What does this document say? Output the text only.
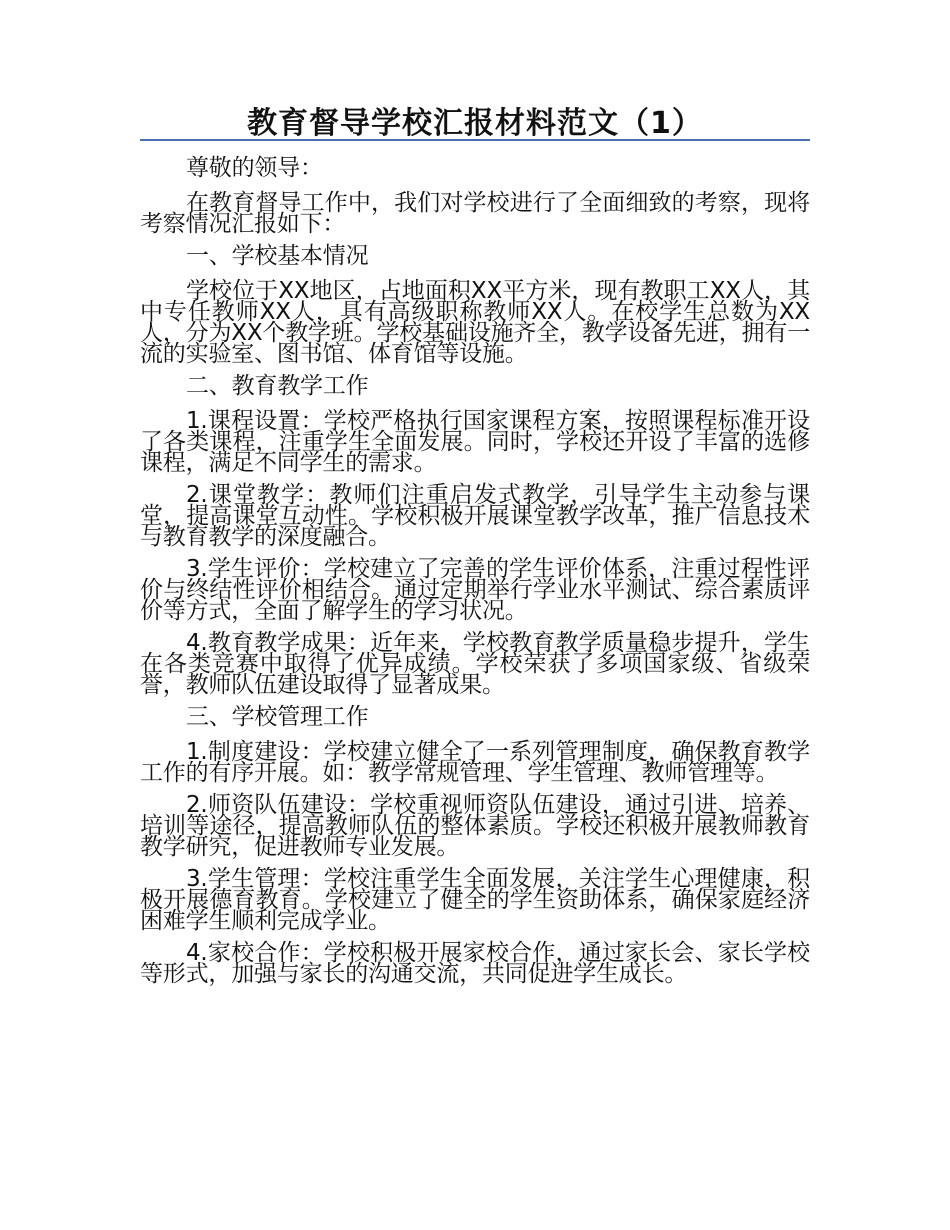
教育督导学校汇报材料范文（1）

尊敬的领导：

在教育督导工作中，我们对学校进行了全面细致的考察，现将考察情况汇报如下：

一、学校基本情况

学校位于XX地区，占地面积XX平方米，现有教职工XX人，其中专任教师XX人，具有高级职称教师XX人。在校学生总数为XX人，分为XX个教学班。学校基础设施齐全，教学设备先进，拥有一流的实验室、图书馆、体育馆等设施。

二、教育教学工作

1.课程设置：学校严格执行国家课程方案，按照课程标准开设了各类课程，注重学生全面发展。同时，学校还开设了丰富的选修课程，满足不同学生的需求。

2.课堂教学：教师们注重启发式教学，引导学生主动参与课堂，提高课堂互动性。学校积极开展课堂教学改革，推广信息技术与教育教学的深度融合。

3.学生评价：学校建立了完善的学生评价体系，注重过程性评价与终结性评价相结合。通过定期举行学业水平测试、综合素质评价等方式，全面了解学生的学习状况。

4.教育教学成果：近年来，学校教育教学质量稳步提升，学生在各类竞赛中取得了优异成绩。学校荣获了多项国家级、省级荣誉，教师队伍建设取得了显著成果。

三、学校管理工作

1.制度建设：学校建立健全了一系列管理制度，确保教育教学工作的有序开展。如：教学常规管理、学生管理、教师管理等。

2.师资队伍建设：学校重视师资队伍建设，通过引进、培养、培训等途径，提高教师队伍的整体素质。学校还积极开展教师教育教学研究，促进教师专业发展。

3.学生管理：学校注重学生全面发展，关注学生心理健康，积极开展德育教育。学校建立了健全的学生资助体系，确保家庭经济困难学生顺利完成学业。

4.家校合作：学校积极开展家校合作，通过家长会、家长学校等形式，加强与家长的沟通交流，共同促进学生成长。
